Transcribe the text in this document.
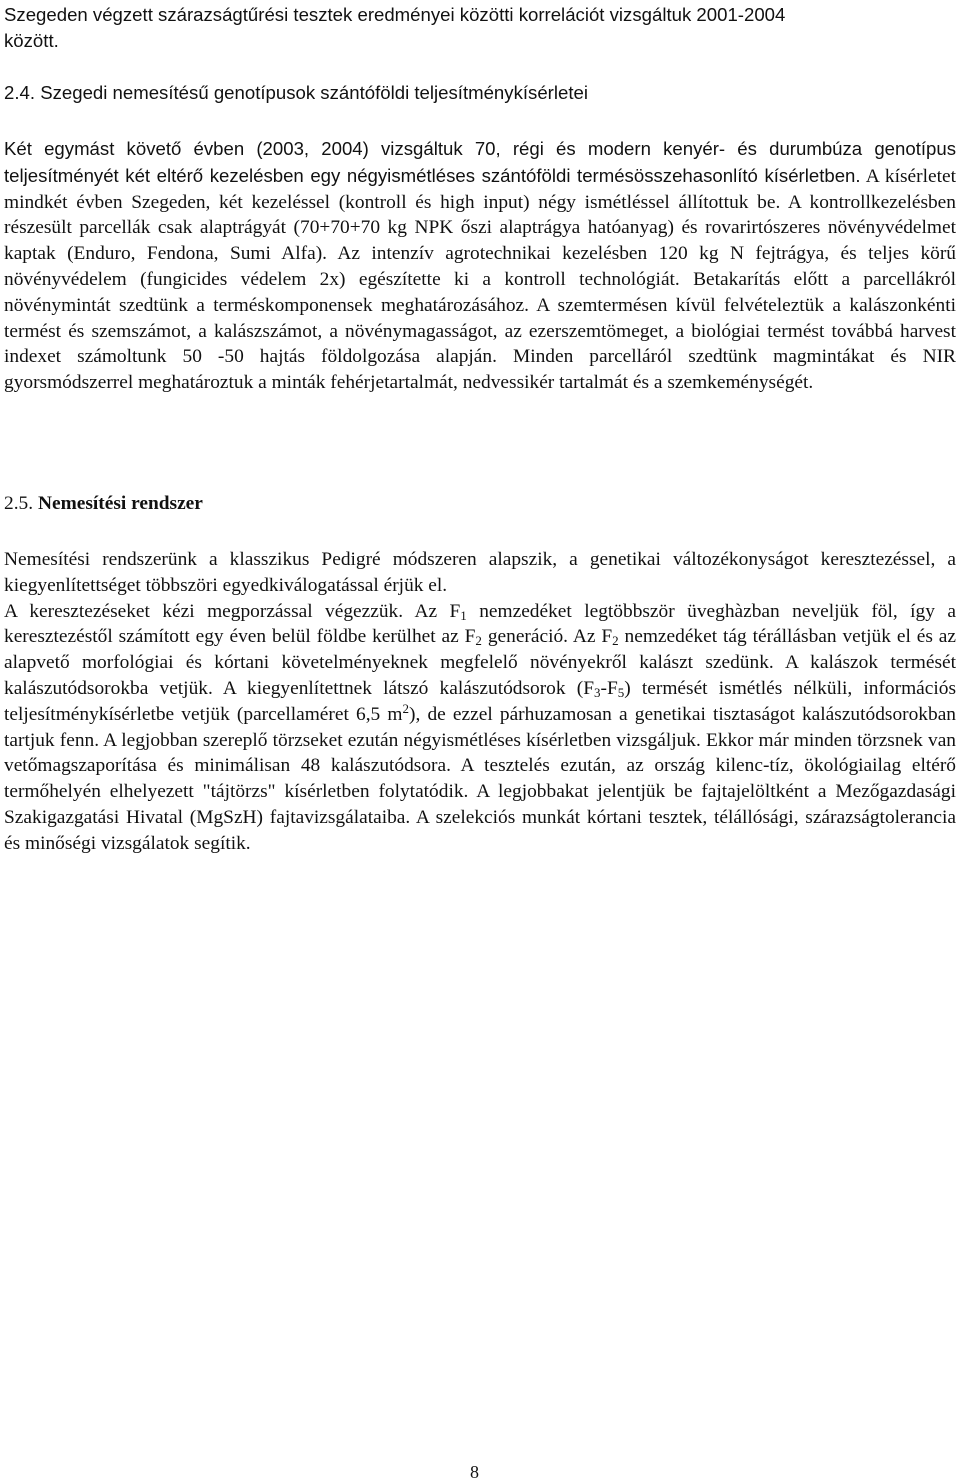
Szegeden végzett szárazságtűrési tesztek eredményei közötti korrelációt vizsgáltuk 2001-2004

között.

2.4. Szegedi nemesítésű genotípusok szántóföldi teljesítménykísérletei

Két egymást követő évben (2003, 2004) vizsgáltuk 70, régi és modern kenyér- és durumbúza genotípus teljesítményét két eltérő kezelésben egy négyismétléses szántóföldi termésösszehasonlító kísérletben. A kísérletet mindkét évben Szegeden, két kezeléssel (kontroll és high input) négy ismétléssel állítottuk be. A kontrollkezelésben részesült parcellák csak alaptrágyát (70+70+70 kg NPK őszi alaptrágya hatóanyag) és rovarirtószeres növényvédelmet kaptak (Enduro, Fendona, Sumi Alfa). Az intenzív agrotechnikai kezelésben 120 kg N fejtrágya, és teljes körű növényvédelem (fungicides védelem 2x) egészítette ki a kontroll technológiát. Betakarítás előtt a parcellákról növénymintát szedtünk a terméskomponensek meghatározásához. A szemtermésen kívül felvételeztük a kalászonkénti termést és szemszámot, a kalászszámot, a növénymagasságot, az ezerszemtömeget, a biológiai termést továbbá harvest indexet számoltunk 50 -50 hajtás földolgozása alapján. Minden parcelláról szedtünk magmintákat és NIR gyorsmódszerrel meghatároztuk a minták fehérjetartalmát, nedvessikér tartalmát és a szemkeménységét.

2.5. Nemesítési rendszer

Nemesítési rendszerünk a klasszikus Pedigré módszeren alapszik, a genetikai változékonyságot keresztezéssel, a kiegyenlítettséget többszöri egyedkiválogatással érjük el.

A keresztezéseket kézi megporzással végezzük. Az $F_1$ nemzedéket legtöbbször üveghàzban neveljük föl, így a keresztezéstől számított egy éven belül földbe kerülhet az $F_2$ generáció. Az $F_2$ nemzedéket tág térállásban vetjük el és az alapvető morfológiai és kórtani követelményeknek megfelelő növényekről kalászt szedünk. A kalászok termését kalászutódsorokba vetjük. A kiegyenlítettnek látszó kalászutódsorok $(F_3-F_5)$ termését ismétlés nélküli, információs teljesítménykísérletbe vetjük (parcellaméret 6,5 $m^2$), de ezzel párhuzamosan a genetikai tisztaságot kalászutódsorokban tartjuk fenn. A legjobban szereplő törzseket ezután négyismétléses kísérletben vizsgáljuk. Ekkor már minden törzsnek van vetőmagszaporítása és minimálisan 48 kalászutódsora. A tesztelés ezután, az ország kilenc-tíz, ökológiailag eltérő termőhelyén elhelyezett "tájtörzs" kísérletben folytatódik. A legjobbakat jelentjük be fajtajelöltként a Mezőgazdasági Szakigazgatási Hivatal (MgSzH) fajtavizsgálataiba. A szelekciós munkát kórtani tesztek, télállósági, szárazságtolerancia és minőségi vizsgálatok segítik.

8
